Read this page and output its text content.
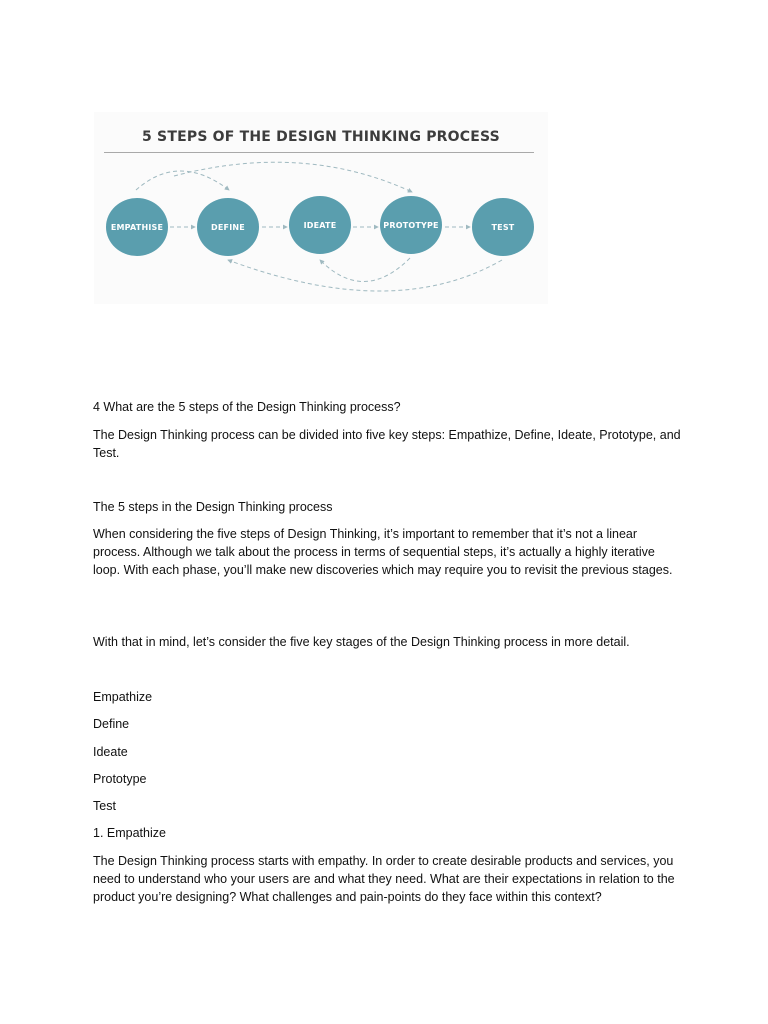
5 STEPS OF THE DESIGN THINKING PROCESS
EMPATHISE	DEFINE	IDEATE	PROTOTYPE	TEST

4 What are the 5 steps of the Design Thinking process?

The Design Thinking process can be divided into five key steps: Empathize, Define, Ideate, Prototype, and Test.

The 5 steps in the Design Thinking process

When considering the five steps of Design Thinking, it’s important to remember that it’s not a linear process. Although we talk about the process in terms of sequential steps, it’s actually a highly iterative loop. With each phase, you’ll make new discoveries which may require you to revisit the previous stages.

With that in mind, let’s consider the five key stages of the Design Thinking process in more detail.

Empathize

Define

Ideate

Prototype

Test

1. Empathize

The Design Thinking process starts with empathy. In order to create desirable products and services, you need to understand who your users are and what they need. What are their expectations in relation to the product you’re designing? What challenges and pain-points do they face within this context?
